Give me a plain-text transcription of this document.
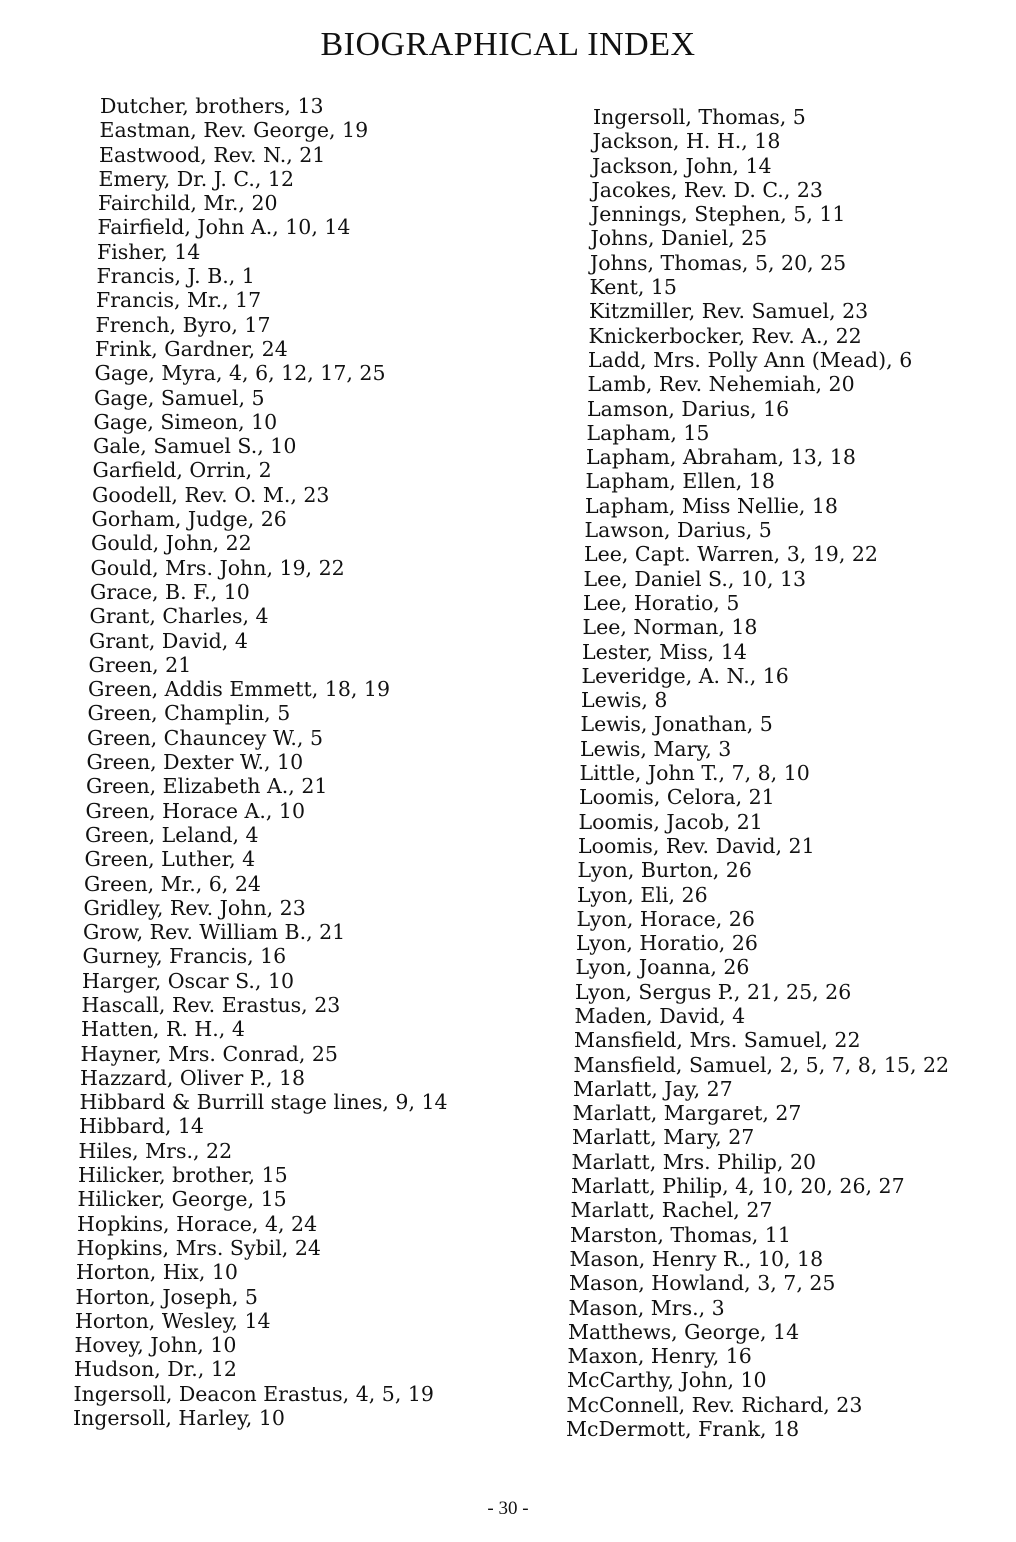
BIOGRAPHICAL INDEX
Dutcher, brothers, 13
Eastman, Rev. George, 19
Eastwood, Rev. N., 21
Emery, Dr. J. C., 12
Fairchild, Mr., 20
Fairfield, John A., 10, 14
Fisher, 14
Francis, J. B., 1
Francis, Mr., 17
French, Byro, 17
Frink, Gardner, 24
Gage, Myra, 4, 6, 12, 17, 25
Gage, Samuel, 5
Gage, Simeon, 10
Gale, Samuel S., 10
Garfield, Orrin, 2
Goodell, Rev. O. M., 23
Gorham, Judge, 26
Gould, John, 22
Gould, Mrs. John, 19, 22
Grace, B. F., 10
Grant, Charles, 4
Grant, David, 4
Green, 21
Green, Addis Emmett, 18, 19
Green, Champlin, 5
Green, Chauncey W., 5
Green, Dexter W., 10
Green, Elizabeth A., 21
Green, Horace A., 10
Green, Leland, 4
Green, Luther, 4
Green, Mr., 6, 24
Gridley, Rev. John, 23
Grow, Rev. William B., 21
Gurney, Francis, 16
Harger, Oscar S., 10
Hascall, Rev. Erastus, 23
Hatten, R. H., 4
Hayner, Mrs. Conrad, 25
Hazzard, Oliver P., 18
Hibbard & Burrill stage lines, 9, 14
Hibbard, 14
Hiles, Mrs., 22
Hilicker, brother, 15
Hilicker, George, 15
Hopkins, Horace, 4, 24
Hopkins, Mrs. Sybil, 24
Horton, Hix, 10
Horton, Joseph, 5
Horton, Wesley, 14
Hovey, John, 10
Hudson, Dr., 12
Ingersoll, Deacon Erastus, 4, 5, 19
Ingersoll, Harley, 10
Ingersoll, Thomas, 5
Jackson, H. H., 18
Jackson, John, 14
Jacokes, Rev. D. C., 23
Jennings, Stephen, 5, 11
Johns, Daniel, 25
Johns, Thomas, 5, 20, 25
Kent, 15
Kitzmiller, Rev. Samuel, 23
Knickerbocker, Rev. A., 22
Ladd, Mrs. Polly Ann (Mead), 6
Lamb, Rev. Nehemiah, 20
Lamson, Darius, 16
Lapham, 15
Lapham, Abraham, 13, 18
Lapham, Ellen, 18
Lapham, Miss Nellie, 18
Lawson, Darius, 5
Lee, Capt. Warren, 3, 19, 22
Lee, Daniel S., 10, 13
Lee, Horatio, 5
Lee, Norman, 18
Lester, Miss, 14
Leveridge, A. N., 16
Lewis, 8
Lewis, Jonathan, 5
Lewis, Mary, 3
Little, John T., 7, 8, 10
Loomis, Celora, 21
Loomis, Jacob, 21
Loomis, Rev. David, 21
Lyon, Burton, 26
Lyon, Eli, 26
Lyon, Horace, 26
Lyon, Horatio, 26
Lyon, Joanna, 26
Lyon, Sergus P., 21, 25, 26
Maden, David, 4
Mansfield, Mrs. Samuel, 22
Mansfield, Samuel, 2, 5, 7, 8, 15, 22
Marlatt, Jay, 27
Marlatt, Margaret, 27
Marlatt, Mary, 27
Marlatt, Mrs. Philip, 20
Marlatt, Philip, 4, 10, 20, 26, 27
Marlatt, Rachel, 27
Marston, Thomas, 11
Mason, Henry R., 10, 18
Mason, Howland, 3, 7, 25
Mason, Mrs., 3
Matthews, George, 14
Maxon, Henry, 16
McCarthy, John, 10
McConnell, Rev. Richard, 23
McDermott, Frank, 18
- 30 -
